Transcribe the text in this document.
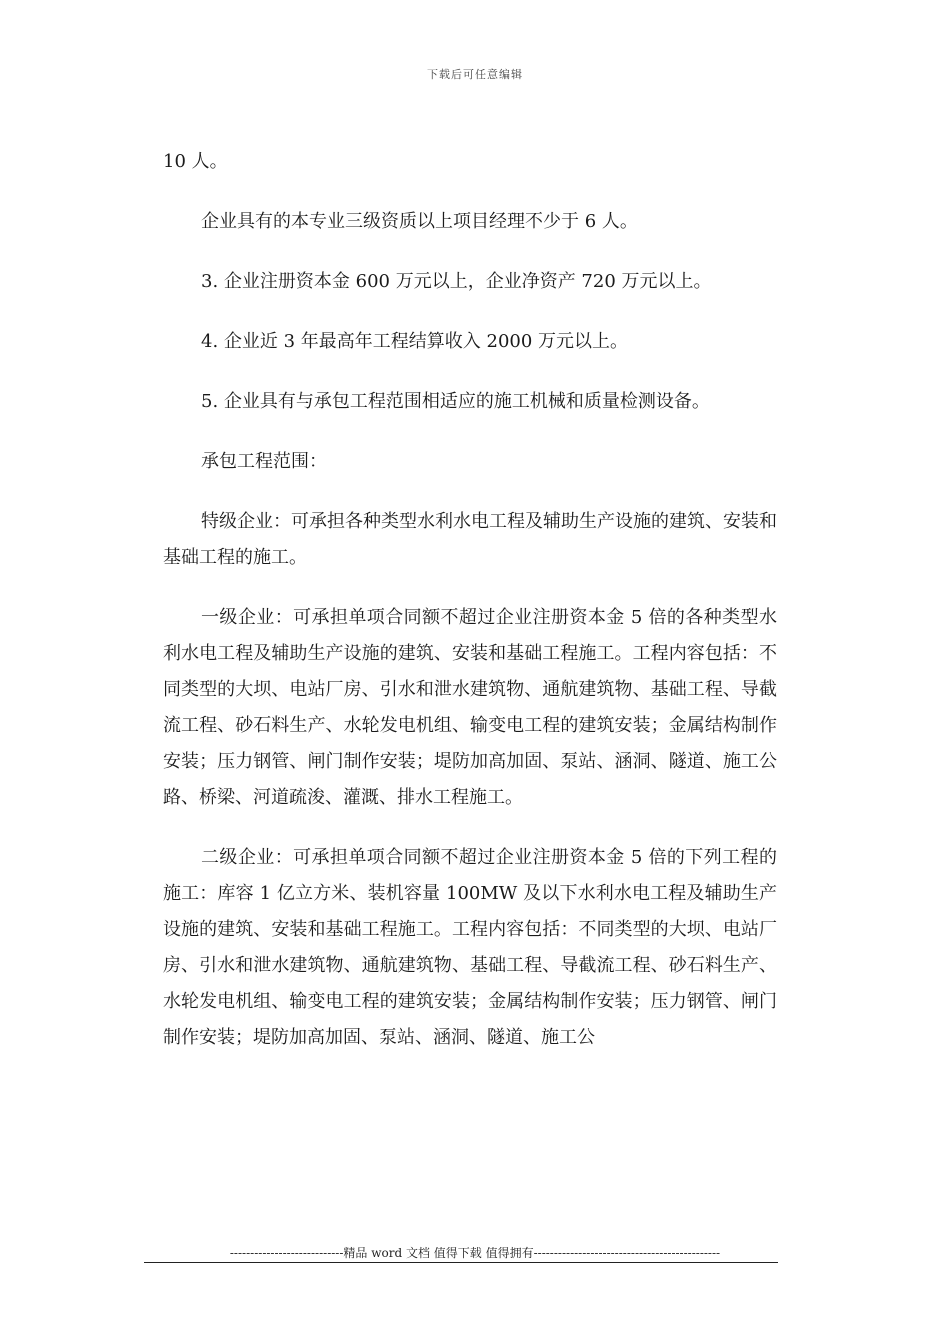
下载后可任意编辑

10 人。

企业具有的本专业三级资质以上项目经理不少于 6 人。

3. 企业注册资本金 600 万元以上，企业净资产 720 万元以上。

4. 企业近 3 年最高年工程结算收入 2000 万元以上。

5. 企业具有与承包工程范围相适应的施工机械和质量检测设备。

承包工程范围：

特级企业：可承担各种类型水利水电工程及辅助生产设施的建筑、安装和基础工程的施工。

一级企业：可承担单项合同额不超过企业注册资本金 5 倍的各种类型水利水电工程及辅助生产设施的建筑、安装和基础工程施工。工程内容包括：不同类型的大坝、电站厂房、引水和泄水建筑物、通航建筑物、基础工程、导截流工程、砂石料生产、水轮发电机组、输变电工程的建筑安装；金属结构制作安装；压力钢管、闸门制作安装；堤防加高加固、泵站、涵洞、隧道、施工公路、桥梁、河道疏浚、灌溉、排水工程施工。

二级企业：可承担单项合同额不超过企业注册资本金 5 倍的下列工程的施工：库容 1 亿立方米、装机容量 100MW 及以下水利水电工程及辅助生产设施的建筑、安装和基础工程施工。工程内容包括：不同类型的大坝、电站厂房、引水和泄水建筑物、通航建筑物、基础工程、导截流工程、砂石料生产、水轮发电机组、输变电工程的建筑安装；金属结构制作安装；压力钢管、闸门制作安装；堤防加高加固、泵站、涵洞、隧道、施工公

----------------------------精品 word 文档 值得下载 值得拥有----------------------------------------------
